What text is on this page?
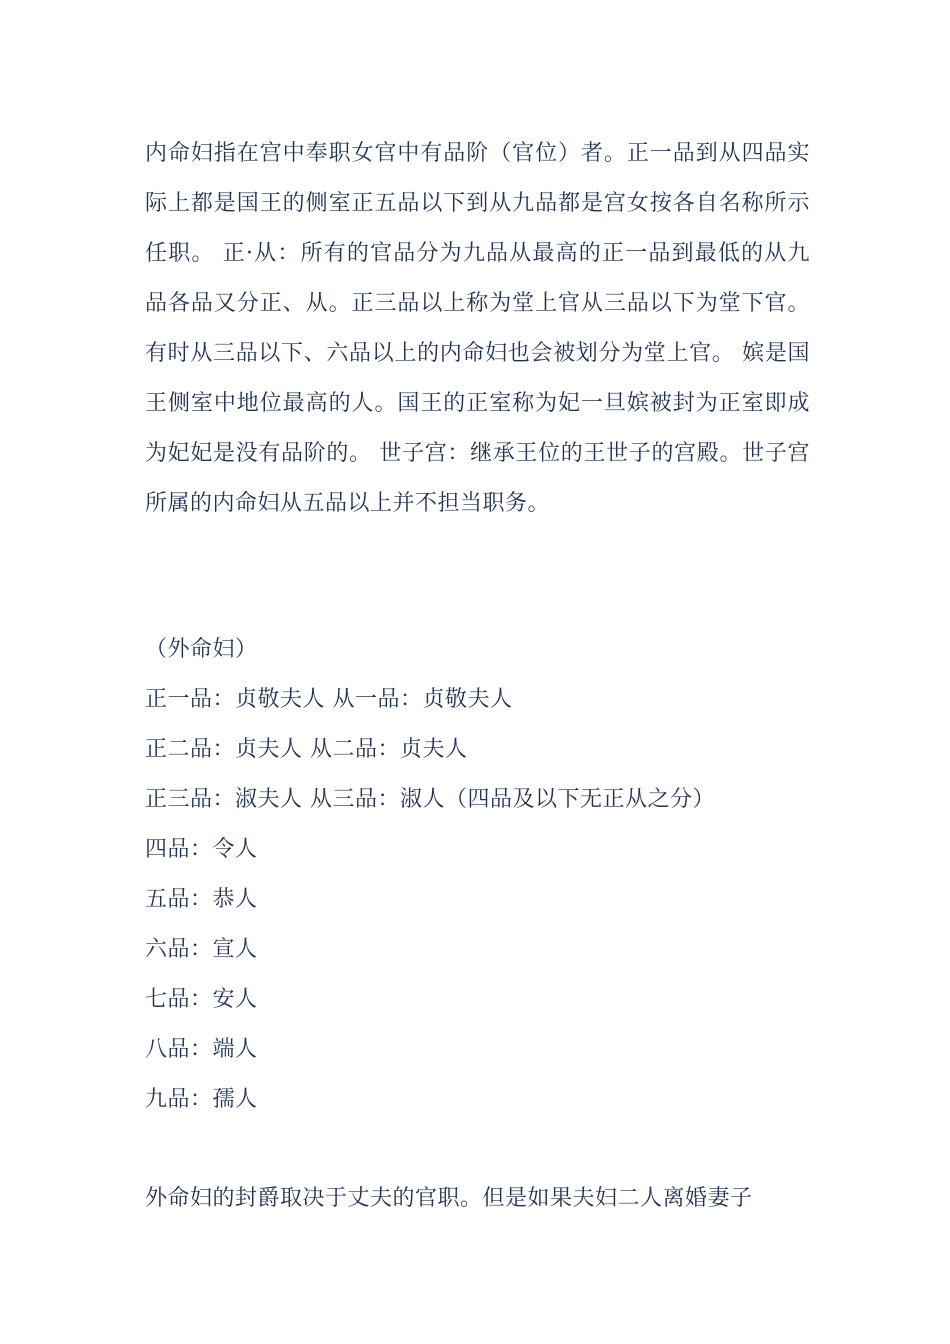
内命妇指在宫中奉职女官中有品阶（官位）者。正一品到从四品实际上都是国王的侧室正五品以下到从九品都是宫女按各自名称所示任职。 正·从：所有的官品分为九品从最高的正一品到最低的从九品各品又分正、从。正三品以上称为堂上官从三品以下为堂下官。有时从三品以下、六品以上的内命妇也会被划分为堂上官。 嫔是国王侧室中地位最高的人。国王的正室称为妃一旦嫔被封为正室即成为妃妃是没有品阶的。 世子宫：继承王位的王世子的宫殿。世子宫所属的内命妇从五品以上并不担当职务。

（外命妇）
正一品：贞敬夫人 从一品：贞敬夫人
正二品：贞夫人 从二品：贞夫人
正三品：淑夫人 从三品：淑人（四品及以下无正从之分）
四品：令人
五品：恭人
六品：宣人
七品：安人
八品：端人
九品：孺人

外命妇的封爵取决于丈夫的官职。但是如果夫妇二人离婚妻子
